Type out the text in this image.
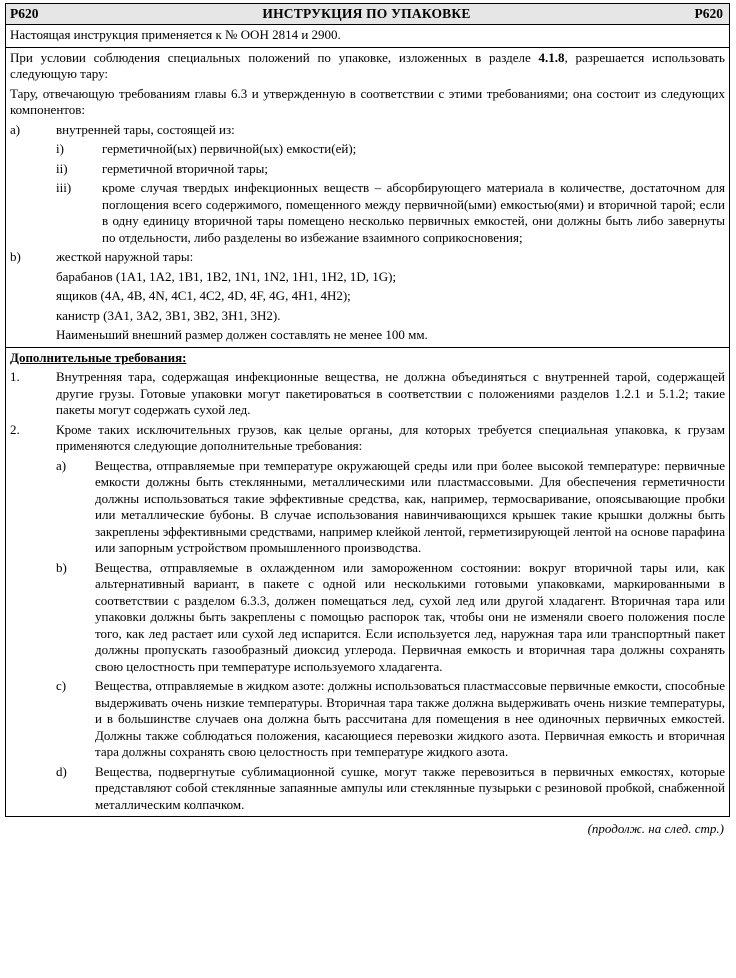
P620	ИНСТРУКЦИЯ ПО УПАКОВКЕ	P620

Настоящая инструкция применяется к № ООН 2814 и 2900.

При условии соблюдения специальных положений по упаковке, изложенных в разделе 4.1.8, разрешается использовать следующую тару:

Тару, отвечающую требованиям главы 6.3 и утвержденную в соответствии с этими требованиями; она состоит из следующих компонентов:

a)	внутренней тары, состоящей из:
i)	герметичной(ых) первичной(ых) емкости(ей);
ii)	герметичной вторичной тары;
iii)	кроме случая твердых инфекционных веществ – абсорбирующего материала в количестве, достаточном для поглощения всего содержимого, помещенного между первичной(ыми) емкостью(ями) и вторичной тарой; если в одну единицу вторичной тары помещено несколько первичных емкостей, они должны быть либо завернуты по отдельности, либо разделены во избежание взаимного соприкосновения;
b)	жесткой наружной тары:

барабанов (1A1, 1A2, 1B1, 1B2, 1N1, 1N2, 1H1, 1H2, 1D, 1G);

ящиков (4A, 4B, 4N, 4C1, 4C2, 4D, 4F, 4G, 4H1, 4H2);

канистр (3A1, 3A2, 3B1, 3B2, 3H1, 3H2).

Наименьший внешний размер должен составлять не менее 100 мм.

Дополнительные требования:

1.	Внутренняя тара, содержащая инфекционные вещества, не должна объединяться с внутренней тарой, содержащей другие грузы. Готовые упаковки могут пакетироваться в соответствии с положениями разделов 1.2.1 и 5.1.2; такие пакеты могут содержать сухой лед.
2.	Кроме таких исключительных грузов, как целые органы, для которых требуется специальная упаковка, к грузам применяются следующие дополнительные требования:
a)	Вещества, отправляемые при температуре окружающей среды или при более высокой температуре: первичные емкости должны быть стеклянными, металлическими или пластмассовыми. Для обеспечения герметичности должны использоваться такие эффективные средства, как, например, термосваривание, опоясывающие пробки или металлические бубоны. В случае использования навинчивающихся крышек такие крышки должны быть закреплены эффективными средствами, например клейкой лентой, герметизирующей лентой на основе парафина или запорным устройством промышленного производства.
b)	Вещества, отправляемые в охлажденном или замороженном состоянии: вокруг вторичной тары или, как альтернативный вариант, в пакете с одной или несколькими готовыми упаковками, маркированными в соответствии с разделом 6.3.3, должен помещаться лед, сухой лед или другой хладагент. Вторичная тара или упаковки должны быть закреплены с помощью распорок так, чтобы они не изменяли своего положения после того, как лед растает или сухой лед испарится. Если используется лед, наружная тара или транспортный пакет должны пропускать газообразный диоксид углерода. Первичная емкость и вторичная тара должны сохранять свою целостность при температуре используемого хладагента.
c)	Вещества, отправляемые в жидком азоте: должны использоваться пластмассовые первичные емкости, способные выдерживать очень низкие температуры. Вторичная тара также должна выдерживать очень низкие температуры, и в большинстве случаев она должна быть рассчитана для помещения в нее одиночных первичных емкостей. Должны также соблюдаться положения, касающиеся перевозки жидкого азота. Первичная емкость и вторичная тара должны сохранять свою целостность при температуре жидкого азота.
d)	Вещества, подвергнутые сублимационной сушке, могут также перевозиться в первичных емкостях, которые представляют собой стеклянные запаянные ампулы или стеклянные пузырьки с резиновой пробкой, снабженной металлическим колпачком.
(продолж. на след. стр.)
